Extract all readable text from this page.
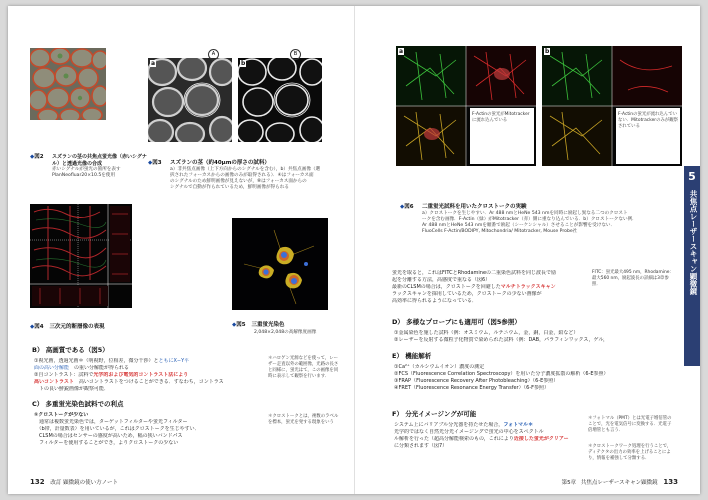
◆図2	スズランの茎の共焦点蛍光像（赤いシグナル）と透過光像の合成
赤いシグナルが蛍光の箇所を表す
PlanNeofluar20×10.5を使用
a	b
A	B
◆図3 スズランの茎（約40µmの厚さの試料）
a）非共焦点画像（上下方向からのシグナルを含む），b）共焦点画像（選
択されたフォーカスからの画像のみが取得される）．④はフォーカス面
のシグナルのため鮮明画像が見えないが，⑧はフォーカス面からの
シグナルで自動が作られているため，鮮明画像が得られる
◆図4 三次元的断層像の表現	◆図5 三重蛍光染色
2,048×2,048の高解像度画像
B） 高画質である（図5）
①視光画，透過光画＊（明視野，位相差，微分干渉）とともにX−Y平
面の高い分解能　の重い分解能が得られる
②自コントラスト：試料で光学的および電気的コントラスト法により
高いコントラスト　高いコントラストをつけることができる．すなわち，コントラス
　トの良い鮮鋭画像が観察可能．
＊ハロゲン光源などを使って，レーザー走査以外の範囲像，光路の長さと同様に，蛍光はて，この画像を同時に表示して観察を行います．
C） 多重蛍光染色試料での利点
①クロストークが少ない
　通常は複数蛍光染色では，ターゲットフィルターや蛍光フィルター
　（b帯，計量数表）を用いているが，これはクロストークを生じやすい．
　CLSMの場合はセンサーの感度が高いため，幅の狭いバンドパス
　フィルターを使用することができ，よりクロストークの少ない
＊クロストークとは，複数のラベルを標本，蛍光を発する現象をいう
132 改訂 顕微鏡の使い方ノート
F-Actinの蛍光がMitotrackerに流れ込んでいる
F-Actinの蛍光が流れ込んでいない．Mitotrackerのみが観察されている
a	b
◆図6 二重蛍光試料を用いたクロストークの実験
a）クロストークを生じやすい．Ar 488 nmとHeNe 543 nmを同時に励起し異なる二つのクロスト
ークを含む画像．F-Actin（緑）がMitotracker（赤）側に重なり込んでいる．b）クロストークない例．
Ar 488 nmとHeNe 543 nmを順番で励起（シーケンシャル）させることが影響を受けない．
FluoCells F-Actin/BODIPY, Mitochondria/ Mitotracker, Mouse Probe社
蛍光を取ると，これはFITCとRhodamineの二重染色試料を同じ波長で励
起を分離する方法，高感度で重なる（図6）
最新のCLSMの場合は，クロストークを回避したマルチトラックスキャン
ラックスキャンを採用しているため，クロストークの少ない画像が
高効率に得られるようになっている．
FITC：蛍光最大495 nm，Rhodamine：最大560 nm，励起波長の詳細は3章参照．
D） 多様なプローブにも適用可（図5参照）
①金属染色を施した試料（例：オスミウム，ルテニウム，金，銅，白金，鉛など）
②レーザーを反射する微粒子化物質で染められた試料（例：DAB，パラフィンワックス，ゲル，
E） 機能解析
①Ca²⁺（カルシウムイオン）濃度の測定
②FCS（Fluorescence Correlation Spectroscopy）を用いた分子濃度拡散の解析（6-E参照）
③FRAP（Fluorescence Recovery After Photobleaching）（6-E参照）
④FRET（Fluorescence Resonance Energy Transfer）（6-F参照）
F） 分光イメージングが可能
システム上にバリアブル分光器を持たせた場合，フォトマル＊
光学的ではなく自然光分光イメージングで蛍光の中心をスペクトル
ル解析を行った（超高分解能検索のもの，これにより近接した蛍光がクリアー
に分類されます（図7）
＊フォトマル（PMT）とは光電子増倍管のことで，光を電気信号に変換する．光電子倍増管とも言う．
＊クロストークワーク処理を行うことで，ディテクタの出力の効率を上げることにより，情報を補強して分類する．
5
共焦点レーザースキャン顕微鏡
第5章 共焦点レーザースキャン顕微鏡 133
